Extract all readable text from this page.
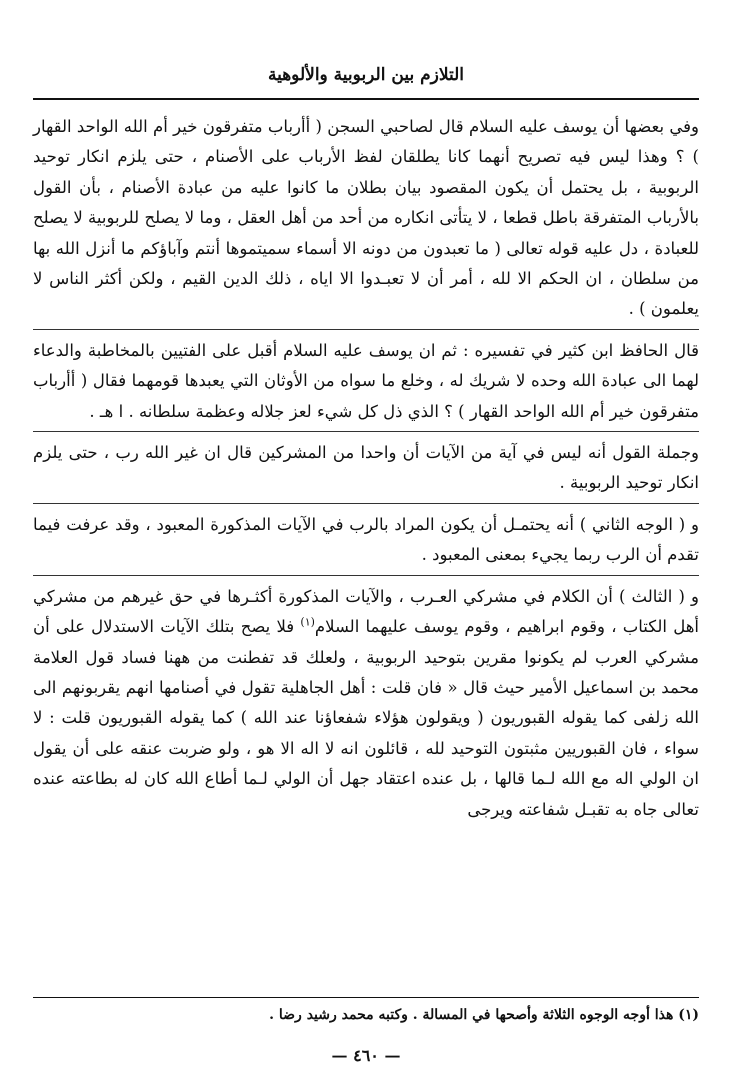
التلازم بين الربوبية والألوهية

وفي بعضها أن يوسف عليه السلام قال لصاحبي السجن ( أأرباب متفرقون خير أم الله الواحد القهار ) ؟ وهذا ليس فيه تصريح أنهما كانا يطلقان لفظ الأرباب على الأصنام ، حتى يلزم انكار توحيد الربوبية ، بل يحتمل أن يكون المقصود بيان بطلان ما كانوا عليه من عبادة الأصنام ، بأن القول بالأرباب المتفرقة باطل قطعا ، لا يتأتى انكاره من أحد من أهل العقل ، وما لا يصلح للربوبية لا يصلح للعبادة ، دل عليه قوله تعالى ( ما تعبدون من دونه الا أسماء سميتموها أنتم وآباؤكم ما أنزل الله بها من سلطان ، ان الحكم الا لله ، أمر أن لا تعبـدوا الا اياه ، ذلك الدين القيم ، ولكن أكثر الناس لا يعلمون ) .

قال الحافظ ابن كثير في تفسيره : ثم ان يوسف عليه السلام أقبل على الفتيين بالمخاطبة والدعاء لهما الى عبادة الله وحده لا شريك له ، وخلع ما سواه من الأوثان التي يعبدها قومهما فقال ( أأرباب متفرقون خير أم الله الواحد القهار ) ؟ الذي ذل كل شيء لعز جلاله وعظمة سلطانه . ا هـ .

وجملة القول أنه ليس في آية من الآيات أن واحدا من المشركين قال ان غير الله رب ، حتى يلزم انكار توحيد الربوبية .

و ( الوجه الثاني ) أنه يحتمـل أن يكون المراد بالرب في الآيات المذكورة المعبود ، وقد عرفت فيما تقدم أن الرب ربما يجيء بمعنى المعبود .

و ( الثالث ) أن الكلام في مشركي العـرب ، والآيات المذكورة أكثـرها في حق غيرهم من مشركي أهل الكتاب ، وقوم ابراهيم ، وقوم يوسف عليهما السلام$^{(١)}$ فلا يصح بتلك الآيات الاستدلال على أن مشركي العرب لم يكونوا مقرين بتوحيد الربوبية ، ولعلك قد تفطنت من ههنا فساد قول العلامة محمد بن اسماعيل الأمير حيث قال « فان قلت : أهل الجاهلية تقول في أصنامها انهم يقربونهم الى الله زلفى كما يقوله القبوريون ( ويقولون هؤلاء شفعاؤنا عند الله ) كما يقوله القبوريون قلت : لا سواء ، فان القبوريين مثبتون التوحيد لله ، قائلون انه لا اله الا هو ، ولو ضربت عنقه على أن يقول ان الولي اله مع الله لـما قالها ، بل عنده اعتقاد جهل أن الولي لـما أطاع الله كان له بطاعته عنده تعالى جاه به تقبـل شفاعته ويرجى

(١) هذا أوجه الوجوه الثلاثة وأصحها في المسالة . وكتبه محمد رشيد رضا .
— ٤٦٠ —
